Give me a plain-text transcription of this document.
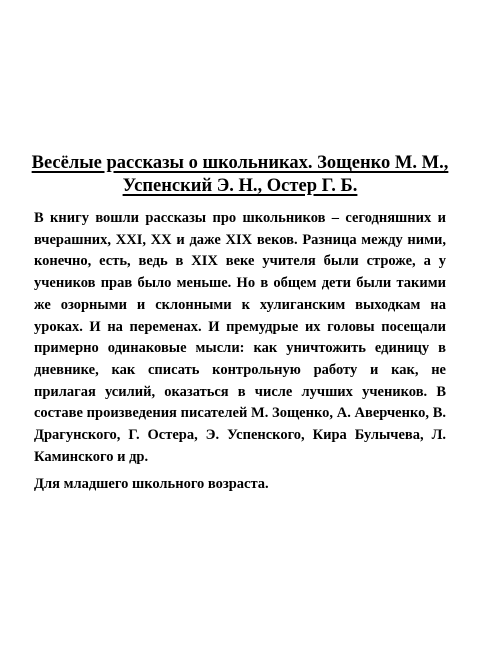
Весёлые рассказы о школьниках. Зощенко М. М., Успенский Э. Н., Остер Г. Б.

В книгу вошли рассказы про школьников – сегодняшних и вчерашних, XXI, XX и даже XIX веков. Разница между ними, конечно, есть, ведь в XIX веке учителя были строже, а у учеников прав было меньше. Но в общем дети были такими же озорными и склонными к хулиганским выходкам на уроках. И на переменах. И премудрые их головы посещали примерно одинаковые мысли: как уничтожить единицу в дневнике, как списать контрольную работу и как, не прилагая усилий, оказаться в числе лучших учеников. В составе произведения писателей М. Зощенко, А. Аверченко, В. Драгунского, Г. Остера, Э. Успенского, Кира Булычева, Л. Каминского и др.

Для младшего школьного возраста.
